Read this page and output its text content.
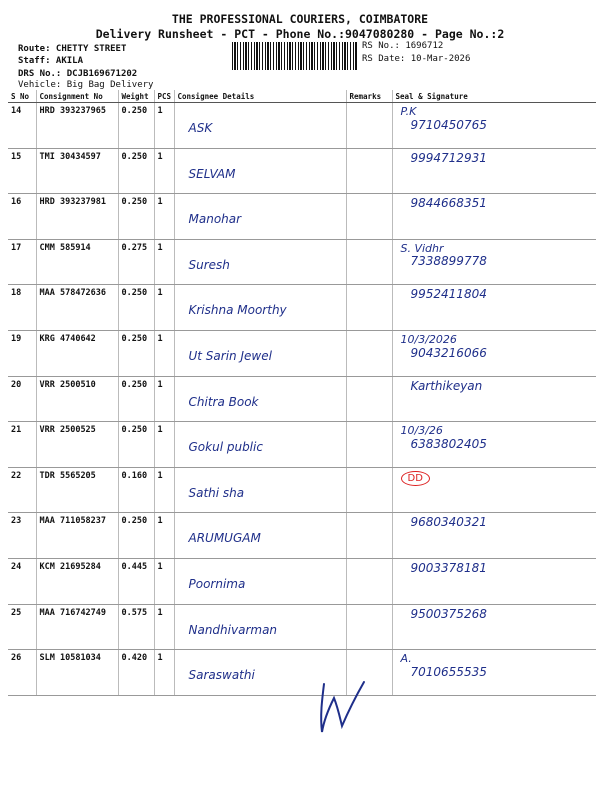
THE PROFESSIONAL COURIERS, COIMBATORE
Delivery Runsheet - PCT - Phone No.:9047080280 - Page No.:2
Route: CHETTY STREET
Staff: AKILA
DRS No.: DCJB169671202
Vehicle: Big Bag Delivery
RS No.: 1696712
RS Date: 10-Mar-2026
S No	Consignment No	Weight	PCS	Consignee Details	Remarks	Seal & Signature
14	HRD 393237965	0.250	1	ASK		P.K
9710450765

15	TMI 30434597	0.250	1	SELVAM		9994712931

16	HRD 393237981	0.250	1	Manohar		9844668351

17	CMM 585914	0.275	1	Suresh		S. Vidhr
7338899778

18	MAA 578472636	0.250	1	Krishna Moorthy		9952411804

19	KRG 4740642	0.250	1	Ut Sarin Jewel		10/3/2026
9043216066

20	VRR 2500510	0.250	1	Chitra Book		Karthikeyan

21	VRR 2500525	0.250	1	Gokul public		10/3/26
6383802405

22	TDR 5565205	0.160	1	Sathi sha		DD

23	MAA 711058237	0.250	1	ARUMUGAM		9680340321

24	KCM 21695284	0.445	1	Poornima		9003378181

25	MAA 716742749	0.575	1	Nandhivarman		9500375268

26	SLM 10581034	0.420	1	Saraswathi		A.
7010655535
